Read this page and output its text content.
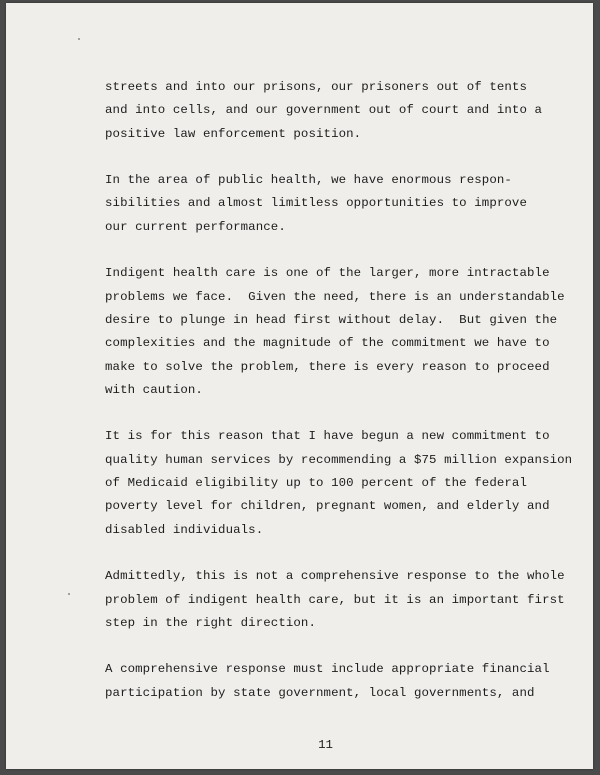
streets and into our prisons, our prisoners out of tents
and into cells, and our government out of court and into a
positive law enforcement position.
In the area of public health, we have enormous respon-
sibilities and almost limitless opportunities to improve
our current performance.
Indigent health care is one of the larger, more intractable
problems we face.  Given the need, there is an understandable
desire to plunge in head first without delay.  But given the
complexities and the magnitude of the commitment we have to
make to solve the problem, there is every reason to proceed
with caution.
It is for this reason that I have begun a new commitment to
quality human services by recommending a $75 million expansion
of Medicaid eligibility up to 100 percent of the federal
poverty level for children, pregnant women, and elderly and
disabled individuals.
Admittedly, this is not a comprehensive response to the whole
problem of indigent health care, but it is an important first
step in the right direction.
A comprehensive response must include appropriate financial
participation by state government, local governments, and
11
